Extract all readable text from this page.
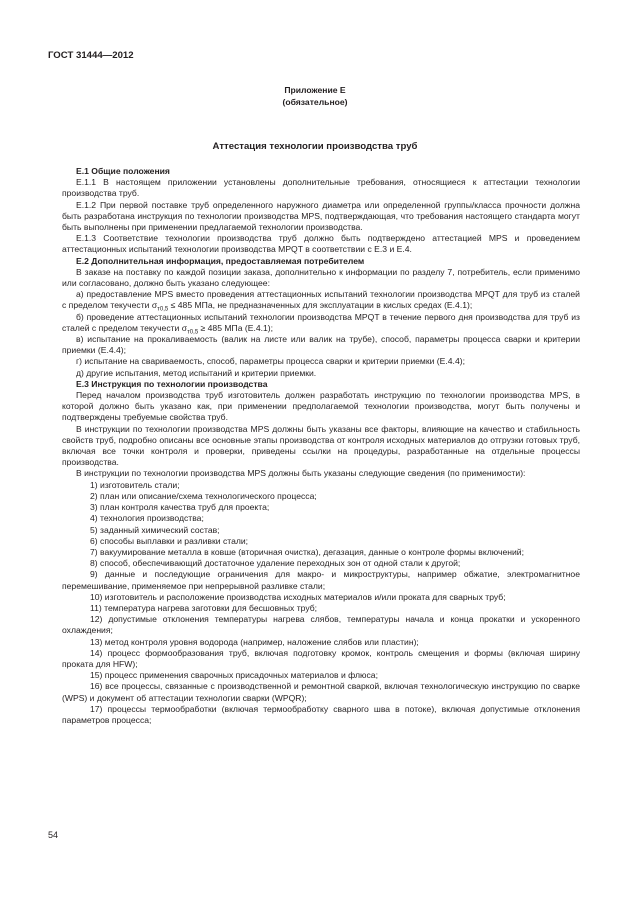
ГОСТ 31444—2012
Приложение Е
(обязательное)
Аттестация технологии производства труб

Е.1 Общие положения

Е.1.1 В настоящем приложении установлены дополнительные требования, относящиеся к аттестации технологии производства труб.

Е.1.2 При первой поставке труб определенного наружного диаметра или определенной группы/класса прочности должна быть разработана инструкция по технологии производства MPS, подтверждающая, что требования настоящего стандарта могут быть выполнены при применении предлагаемой технологии производства.

Е.1.3 Соответствие технологии производства труб должно быть подтверждено аттестацией MPS и проведением аттестационных испытаний технологии производства MPQT в соответствии с Е.3 и Е.4.

Е.2 Дополнительная информация, предоставляемая потребителем

В заказе на поставку по каждой позиции заказа, дополнительно к информации по разделу 7, потребитель, если применимо или согласовано, должно быть указано следующее:

а) предоставление MPS вместо проведения аттестационных испытаний технологии производства MPQT для труб из сталей с пределом текучести $\sigma_{т0,5} \le 485$ МПа, не предназначенных для эксплуатации в кислых средах (Е.4.1);

б) проведение аттестационных испытаний технологии производства MPQT в течение первого дня производства для труб из сталей с пределом текучести $\sigma_{т0,5} \ge 485$ МПа (Е.4.1);

в) испытание на прокаливаемость (валик на листе или валик на трубе), способ, параметры процесса сварки и критерии приемки (Е.4.4);

г) испытание на свариваемость, способ, параметры процесса сварки и критерии приемки (Е.4.4);

д) другие испытания, метод испытаний и критерии приемки.

Е.3 Инструкция по технологии производства

Перед началом производства труб изготовитель должен разработать инструкцию по технологии производства MPS, в которой должно быть указано как, при применении предполагаемой технологии производства, могут быть получены и подтверждены требуемые свойства труб.

В инструкции по технологии производства MPS должны быть указаны все факторы, влияющие на качество и стабильность свойств труб, подробно описаны все основные этапы производства от контроля исходных материалов до отгрузки готовых труб, включая все точки контроля и проверки, приведены ссылки на процедуры, разработанные на отдельные процессы производства.

В инструкции по технологии производства MPS должны быть указаны следующие сведения (по применимости):

1) изготовитель стали;

2) план или описание/схема технологического процесса;

3) план контроля качества труб для проекта;

4) технология производства;

5) заданный химический состав;

6) способы выплавки и разливки стали;

7) вакуумирование металла в ковше (вторичная очистка), дегазация, данные о контроле формы включений;

8) способ, обеспечивающий достаточное удаление переходных зон от одной стали к другой;

9) данные и последующие ограничения для макро- и микроструктуры, например обжатие, электромагнитное перемешивание, применяемое при непрерывной разливке стали;

10) изготовитель и расположение производства исходных материалов и/или проката для сварных труб;

11) температура нагрева заготовки для бесшовных труб;

12) допустимые отклонения температуры нагрева слябов, температуры начала и конца прокатки и ускоренного охлаждения;

13) метод контроля уровня водорода (например, наложение слябов или пластин);

14) процесс формообразования труб, включая подготовку кромок, контроль смещения и формы (включая ширину проката для HFW);

15) процесс применения сварочных присадочных материалов и флюса;

16) все процессы, связанные с производственной и ремонтной сваркой, включая технологическую инструкцию по сварке (WPS) и документ об аттестации технологии сварки (WPQR);

17) процессы термообработки (включая термообработку сварного шва в потоке), включая допустимые отклонения параметров процесса;

54
